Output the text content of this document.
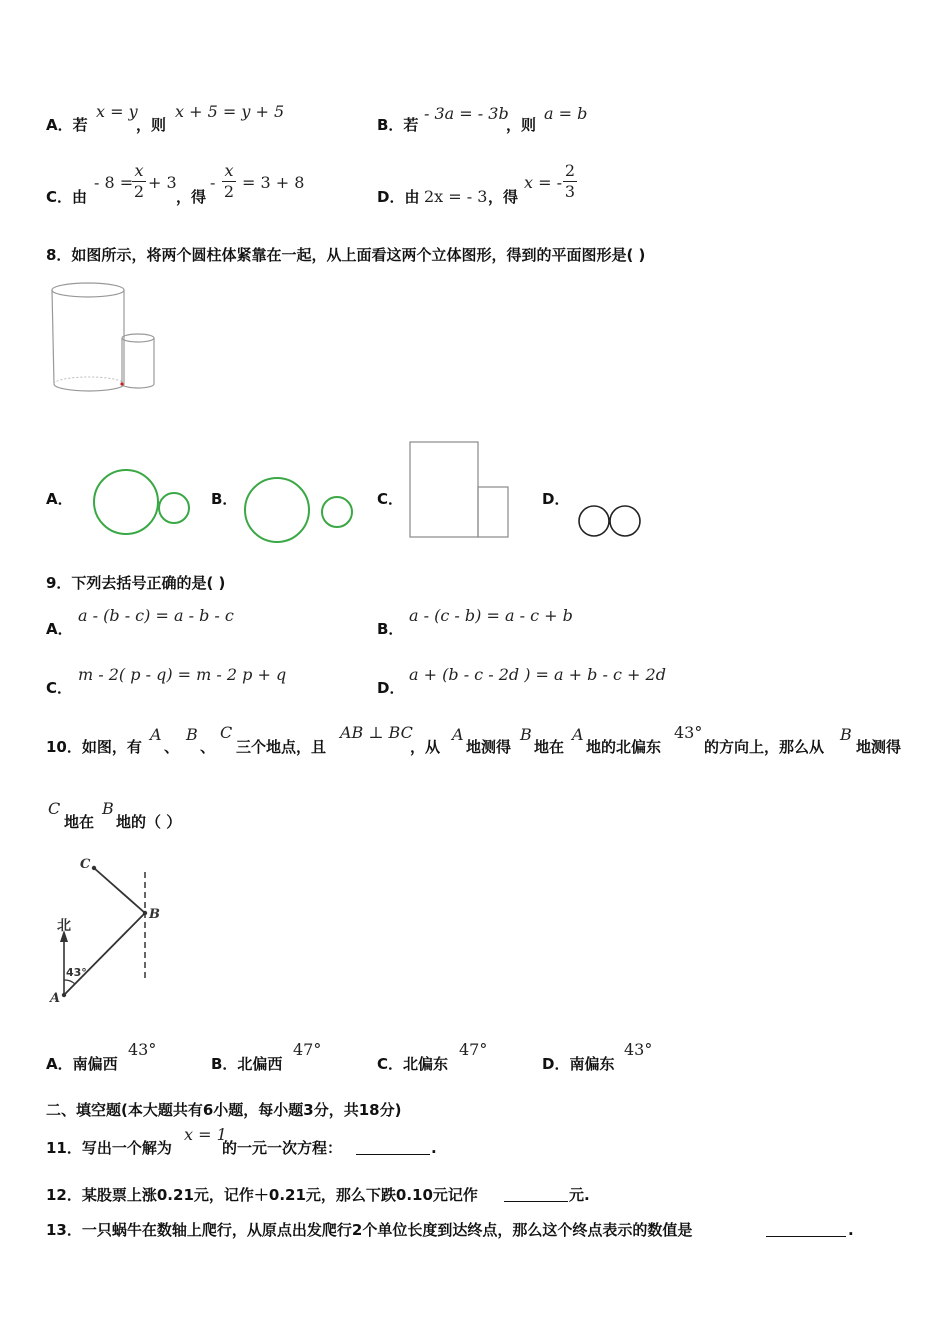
A．若
x = y
，则
x + 5 = y + 5
B．若
- 3a = - 3b
，则
a = b
C．由
- 8 =
x
2 + 3
，得
-
x
2 = 3 + 8
D．由 2x = - 3 ，得
x = -
2
3
8．如图所示，将两个圆柱体紧靠在一起，从上面看这两个立体图形，得到的平面图形是( )
A．	B．	C．	D．
9．下列去括号正确的是( )
A．
a - (b - c) = a - b - c
B．
a - (c - b) = a - c + b
C．
m - 2( p - q) = m - 2 p + q
D．
a + (b - c - 2d ) = a + b - c + 2d
10．如图，有
A
、
B
、
C
三个地点，且
AB ⊥ BC
，从
A
地测得
B
地在
A
地的北偏东
43°
的方向上，那么从
B
地测得
C
地在
B
地的（ ）
北
43°
C
B
A
A．南偏西
43°
B．北偏西
47°
C．北偏东
47°
D．南偏东
43°
二、填空题(本大题共有6小题，每小题3分，共18分)
11．写出一个解为
x = 1
的一元一次方程：	.
12．某股票上涨0.21元，记作＋0.21元，那么下跌0.10元记作	元.
13．一只蜗牛在数轴上爬行，从原点出发爬行2个单位长度到达终点，那么这个终点表示的数值是	.
